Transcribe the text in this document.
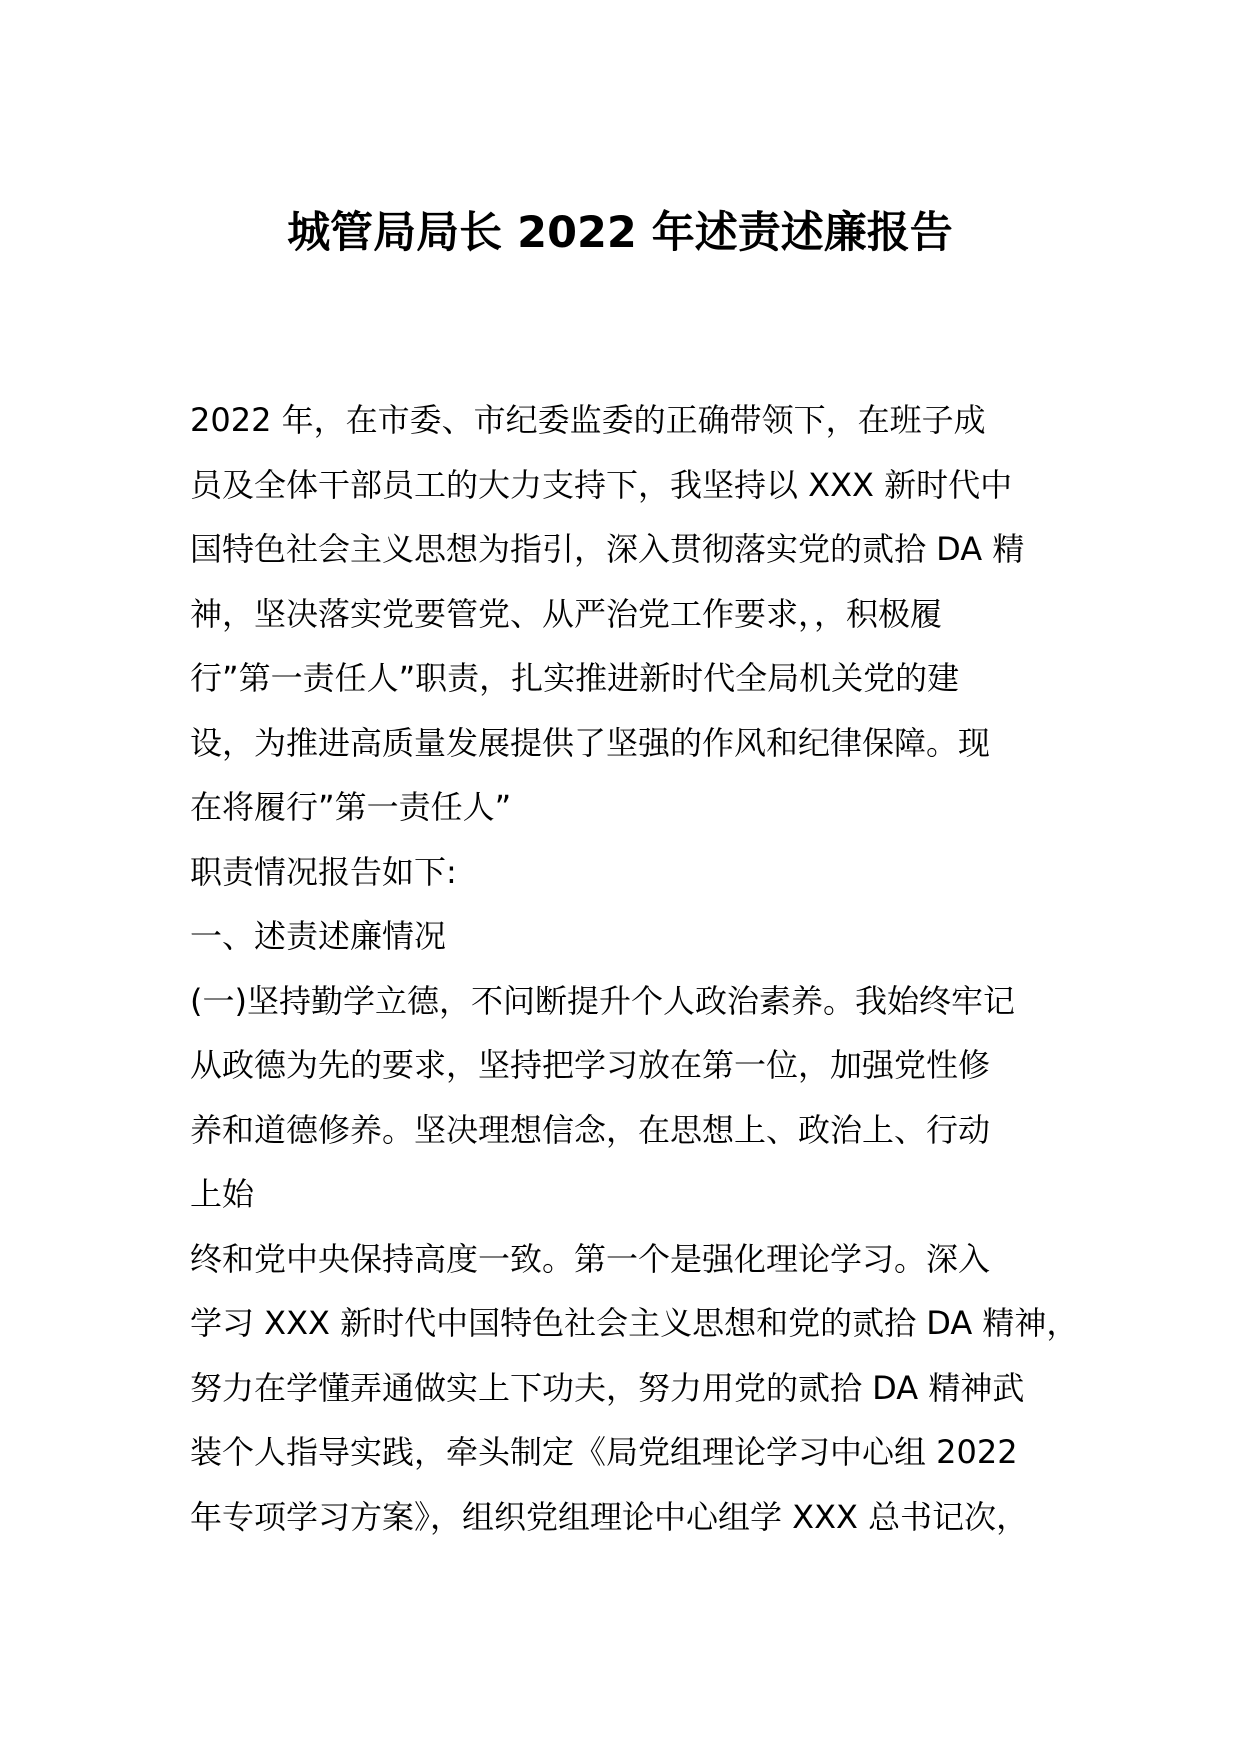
城管局局长 2022 年述责述廉报告
2022 年，在市委、市纪委监委的正确带领下，在班子成
员及全体干部员工的大力支持下，我坚持以 XXX 新时代中
国特色社会主义思想为指引，深入贯彻落实党的贰拾 DA 精
神，坚决落实党要管党、从严治党工作要求，，积极履
行”第一责任人”职责，扎实推进新时代全局机关党的建
设，为推进高质量发展提供了坚强的作风和纪律保障。现
在将履行”第一责任人”
职责情况报告如下:
一、述责述廉情况
(一)坚持勤学立德，不问断提升个人政治素养。我始终牢记
从政德为先的要求，坚持把学习放在第一位，加强党性修
养和道德修养。坚决理想信念，在思想上、政治上、行动
上始
终和党中央保持高度一致。第一个是强化理论学习。深入
学习 XXX 新时代中国特色社会主义思想和党的贰拾 DA 精神，
努力在学懂弄通做实上下功夫，努力用党的贰拾 DA 精神武
装个人指导实践，牵头制定《局党组理论学习中心组 2022
年专项学习方案》，组织党组理论中心组学 XXX 总书记次，
